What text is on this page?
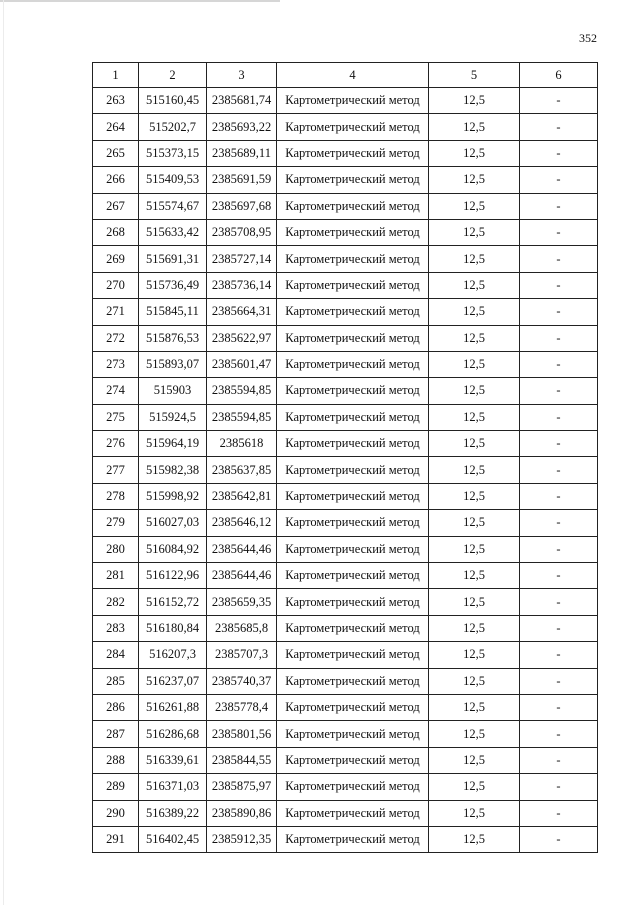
352
1	2	3	4	5	6
263	515160,45	2385681,74	Картометрический метод	12,5	-
264	515202,7	2385693,22	Картометрический метод	12,5	-
265	515373,15	2385689,11	Картометрический метод	12,5	-
266	515409,53	2385691,59	Картометрический метод	12,5	-
267	515574,67	2385697,68	Картометрический метод	12,5	-
268	515633,42	2385708,95	Картометрический метод	12,5	-
269	515691,31	2385727,14	Картометрический метод	12,5	-
270	515736,49	2385736,14	Картометрический метод	12,5	-
271	515845,11	2385664,31	Картометрический метод	12,5	-
272	515876,53	2385622,97	Картометрический метод	12,5	-
273	515893,07	2385601,47	Картометрический метод	12,5	-
274	515903	2385594,85	Картометрический метод	12,5	-
275	515924,5	2385594,85	Картометрический метод	12,5	-
276	515964,19	2385618	Картометрический метод	12,5	-
277	515982,38	2385637,85	Картометрический метод	12,5	-
278	515998,92	2385642,81	Картометрический метод	12,5	-
279	516027,03	2385646,12	Картометрический метод	12,5	-
280	516084,92	2385644,46	Картометрический метод	12,5	-
281	516122,96	2385644,46	Картометрический метод	12,5	-
282	516152,72	2385659,35	Картометрический метод	12,5	-
283	516180,84	2385685,8	Картометрический метод	12,5	-
284	516207,3	2385707,3	Картометрический метод	12,5	-
285	516237,07	2385740,37	Картометрический метод	12,5	-
286	516261,88	2385778,4	Картометрический метод	12,5	-
287	516286,68	2385801,56	Картометрический метод	12,5	-
288	516339,61	2385844,55	Картометрический метод	12,5	-
289	516371,03	2385875,97	Картометрический метод	12,5	-
290	516389,22	2385890,86	Картометрический метод	12,5	-
291	516402,45	2385912,35	Картометрический метод	12,5	-
